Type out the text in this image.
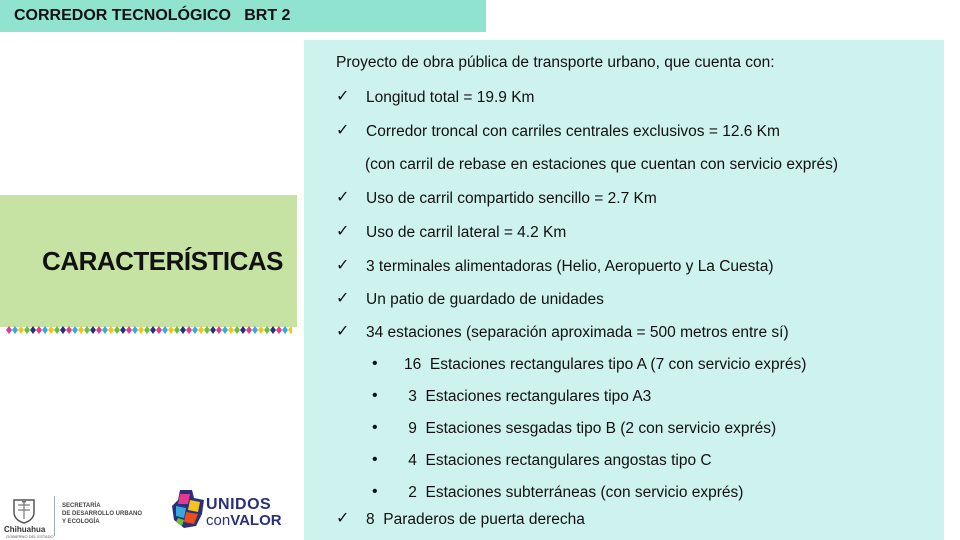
CORREDOR TECNOLÓGICO   BRT 2
CARACTERÍSTICAS
Proyecto de obra pública de transporte urbano, que cuenta con:
✓ Longitud total = 19.9 Km
✓ Corredor troncal con carriles centrales exclusivos = 12.6 Km
(con carril de rebase en estaciones que cuentan con servicio exprés)
✓ Uso de carril compartido sencillo = 2.7 Km
✓ Uso de carril lateral = 4.2 Km
✓ 3 terminales alimentadoras (Helio, Aeropuerto y La Cuesta)
✓ Un patio de guardado de unidades
✓ 34 estaciones (separación aproximada = 500 metros entre sí)
• 16  Estaciones rectangulares tipo A (7 con servicio exprés)
• 3  Estaciones rectangulares tipo A3
• 9  Estaciones sesgadas tipo B (2 con servicio exprés)
• 4  Estaciones rectangulares angostas tipo C
• 2  Estaciones subterráneas (con servicio exprés)
✓ 8  Paraderos de puerta derecha
Chihuahua
GOBIERNO DEL ESTADO
SECRETARÍA
DE DESARROLLO URBANO
Y ECOLOGÍA
UNIDOS
conVALOR
